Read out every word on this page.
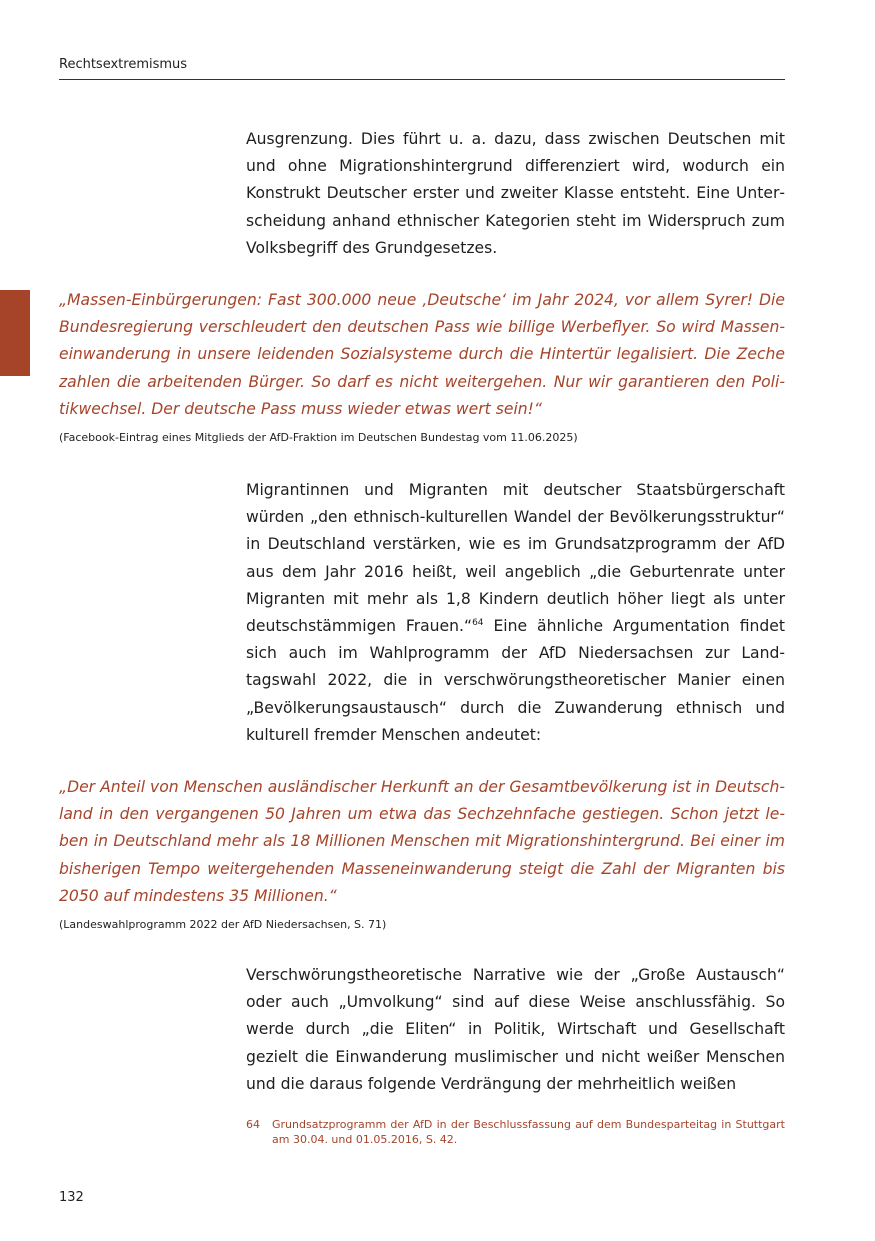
Rechtsextremismus

Ausgrenzung. Dies führt u. a. dazu, dass zwischen Deutschen mit und ohne Migrationshintergrund differenziert wird, wodurch ein Konstrukt Deutscher erster und zweiter Klasse entsteht. Eine Unterscheidung anhand ethnischer Kategorien steht im Widerspruch zum Volksbegriff des Grundgesetzes.

„Massen-Einbürgerungen: Fast 300.000 neue ‚Deutsche‘ im Jahr 2024, vor allem Syrer! Die Bundesregierung verschleudert den deutschen Pass wie billige Werbeflyer. So wird Masseneinwanderung in unsere leidenden Sozialsysteme durch die Hintertür legalisiert. Die Zeche zahlen die arbeitenden Bürger. So darf es nicht weitergehen. Nur wir garantieren den Politikwechsel. Der deutsche Pass muss wieder etwas wert sein!“

(Facebook-Eintrag eines Mitglieds der AfD-Fraktion im Deutschen Bundestag vom 11.06.2025)

Migrantinnen und Migranten mit deutscher Staatsbürgerschaft würden „den ethnisch-kulturellen Wandel der Bevölkerungsstruktur“ in Deutschland verstärken, wie es im Grundsatzprogramm der AfD aus dem Jahr 2016 heißt, weil angeblich „die Geburtenrate unter Migranten mit mehr als 1,8 Kindern deutlich höher liegt als unter deutschstämmigen Frauen.“$^{64}$ Eine ähnliche Argumentation findet sich auch im Wahlprogramm der AfD Niedersachsen zur Landtagswahl 2022, die in verschwörungstheoretischer Manier einen „Bevölkerungsaustausch“ durch die Zuwanderung ethnisch und kulturell fremder Menschen andeutet:

„Der Anteil von Menschen ausländischer Herkunft an der Gesamtbevölkerung ist in Deutschland in den vergangenen 50 Jahren um etwa das Sechzehnfache gestiegen. Schon jetzt leben in Deutschland mehr als 18 Millionen Menschen mit Migrationshintergrund. Bei einer im bisherigen Tempo weitergehenden Masseneinwanderung steigt die Zahl der Migranten bis 2050 auf mindestens 35 Millionen.“

(Landeswahlprogramm 2022 der AfD Niedersachsen, S. 71)

Verschwörungstheoretische Narrative wie der „Große Austausch“ oder auch „Umvolkung“ sind auf diese Weise anschlussfähig. So werde durch „die Eliten“ in Politik, Wirtschaft und Gesellschaft gezielt die Einwanderung muslimischer und nicht weißer Menschen und die daraus folgende Verdrängung der mehrheitlich weißen

64	Grundsatzprogramm der AfD in der Beschlussfassung auf dem Bundesparteitag in Stuttgart am 30.04. und 01.05.2016, S. 42.
132
